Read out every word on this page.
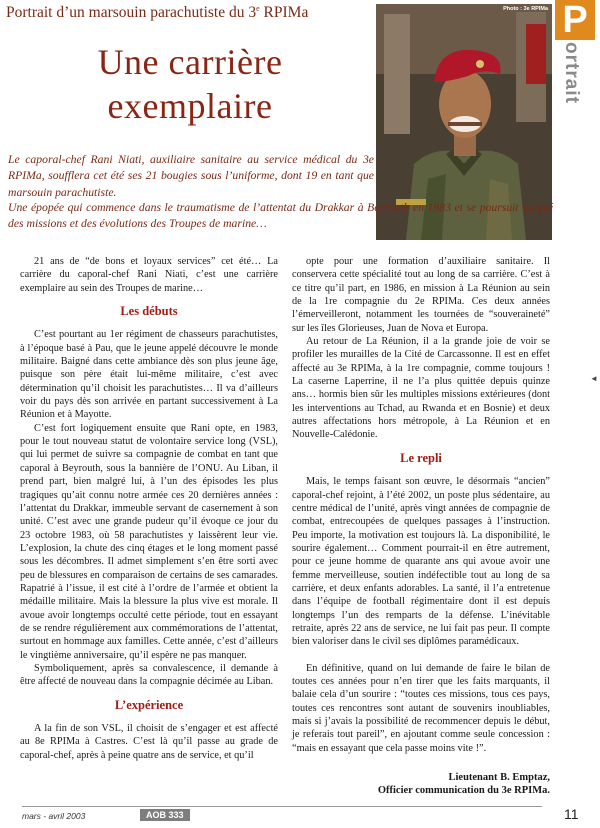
Portrait d’un marsouin parachutiste du 3e RPIMa
Une carrière
exemplaire
Photo : 3e RPIMa P
ortrait
Le caporal-chef Rani Niati, auxiliaire sanitaire au service médical du 3e RPIMa, soufflera cet été ses 21 bougies sous l’uniforme, dont 19 en tant que marsouin parachutiste.
Une épopée qui commence dans le traumatisme de l’attentat du Drakkar à Beyrouth en 1983 et se poursuit au gré des missions et des évolutions des Troupes de marine…

21 ans de “de bons et loyaux services” cet été… La carrière du caporal-chef Rani Niati, c’est une carrière exemplaire au sein des Troupes de marine…

Les débuts

C’est pourtant au 1er régiment de chasseurs parachutistes, à l’époque basé à Pau, que le jeune appelé découvre le monde militaire. Baigné dans cette ambiance dès son plus jeune âge, puisque son père était lui-même militaire, c’est avec détermination qu’il choisit les parachutistes… Il va d’ailleurs voir du pays dès son arrivée en partant successivement à La Réunion et à Mayotte.

C’est fort logiquement ensuite que Rani opte, en 1983, pour le tout nouveau statut de volontaire service long (VSL), qui lui permet de suivre sa compagnie de combat en tant que caporal à Beyrouth, sous la bannière de l’ONU. Au Liban, il prend part, bien malgré lui, à l’un des épisodes les plus tragiques qu’ait connu notre armée ces 20 dernières années : l’attentat du Drakkar, immeuble servant de casernement à son unité. C’est avec une grande pudeur qu’il évoque ce jour du 23 octobre 1983, où 58 parachutistes y laissèrent leur vie. L’explosion, la chute des cinq étages et le long moment passé sous les décombres. Il admet simplement s’en être sorti avec peu de blessures en comparaison de certains de ses camarades. Rapatrié à l’issue, il est cité à l’ordre de l’armée et obtient la médaille militaire. Mais la blessure la plus vive est morale. Il avoue avoir longtemps occulté cette période, tout en essayant de se rendre régulièrement aux commémorations de l’attentat, surtout en hommage aux familles. Cette année, c’est d’ailleurs le vingtième anniversaire, qu’il espère ne pas manquer.

Symboliquement, après sa convalescence, il demande à être affecté de nouveau dans la compagnie décimée au Liban.

L’expérience

A la fin de son VSL, il choisit de s’engager et est affecté au 8e RPIMa à Castres. C’est là qu’il passe au grade de caporal-chef, après à peine quatre ans de service, et qu’il

opte pour une formation d’auxiliaire sanitaire. Il conservera cette spécialité tout au long de sa carrière. C’est à ce titre qu’il part, en 1986, en mission à La Réunion au sein de la 1re compagnie du 2e RPIMa. Ces deux années l’émerveilleront, notamment les tournées de “souveraineté” sur les îles Glorieuses, Juan de Nova et Europa.

Au retour de La Réunion, il a la grande joie de voir se profiler les murailles de la Cité de Carcassonne. Il est en effet affecté au 3e RPIMa, à la 1re compagnie, comme toujours ! La caserne Laperrine, il ne l’a plus quittée depuis quinze ans… hormis bien sûr les multiples missions extérieures (dont les interventions au Tchad, au Rwanda et en Bosnie) et deux autres affectations hors métropole, à La Réunion et en Nouvelle-Calédonie.

Le repli

Mais, le temps faisant son œuvre, le désormais “ancien” caporal-chef rejoint, à l’été 2002, un poste plus sédentaire, au centre médical de l’unité, après vingt années de compagnie de combat, entrecoupées de quelques passages à l’instruction. Peu importe, la motivation est toujours là. La disponibilité, le sourire également… Comment pourrait-il en être autrement, pour ce jeune homme de quarante ans qui avoue avoir une femme merveilleuse, soutien indéfectible tout au long de sa carrière, et deux enfants adorables. La santé, il l’a entretenue dans l’équipe de football régimentaire dont il est depuis longtemps l’un des remparts de la défense. L’inévitable retraite, après 22 ans de service, ne lui fait pas peur. Il compte bien valoriser dans le civil ses diplômes paramédicaux.

En définitive, quand on lui demande de faire le bilan de toutes ces années pour n’en tirer que les faits marquants, il balaie cela d’un sourire : “toutes ces missions, tous ces pays, toutes ces rencontres sont autant de souvenirs inoubliables, mais si j’avais la possibilité de recommencer depuis le début, je referais tout pareil”, en ajoutant comme seule concession : “mais en essayant que cela passe moins vite !”.

Lieutenant B. Emptaz,
Officier communication du 3e RPIMa.
mars - avril 2003	AOB 333	11
◄
